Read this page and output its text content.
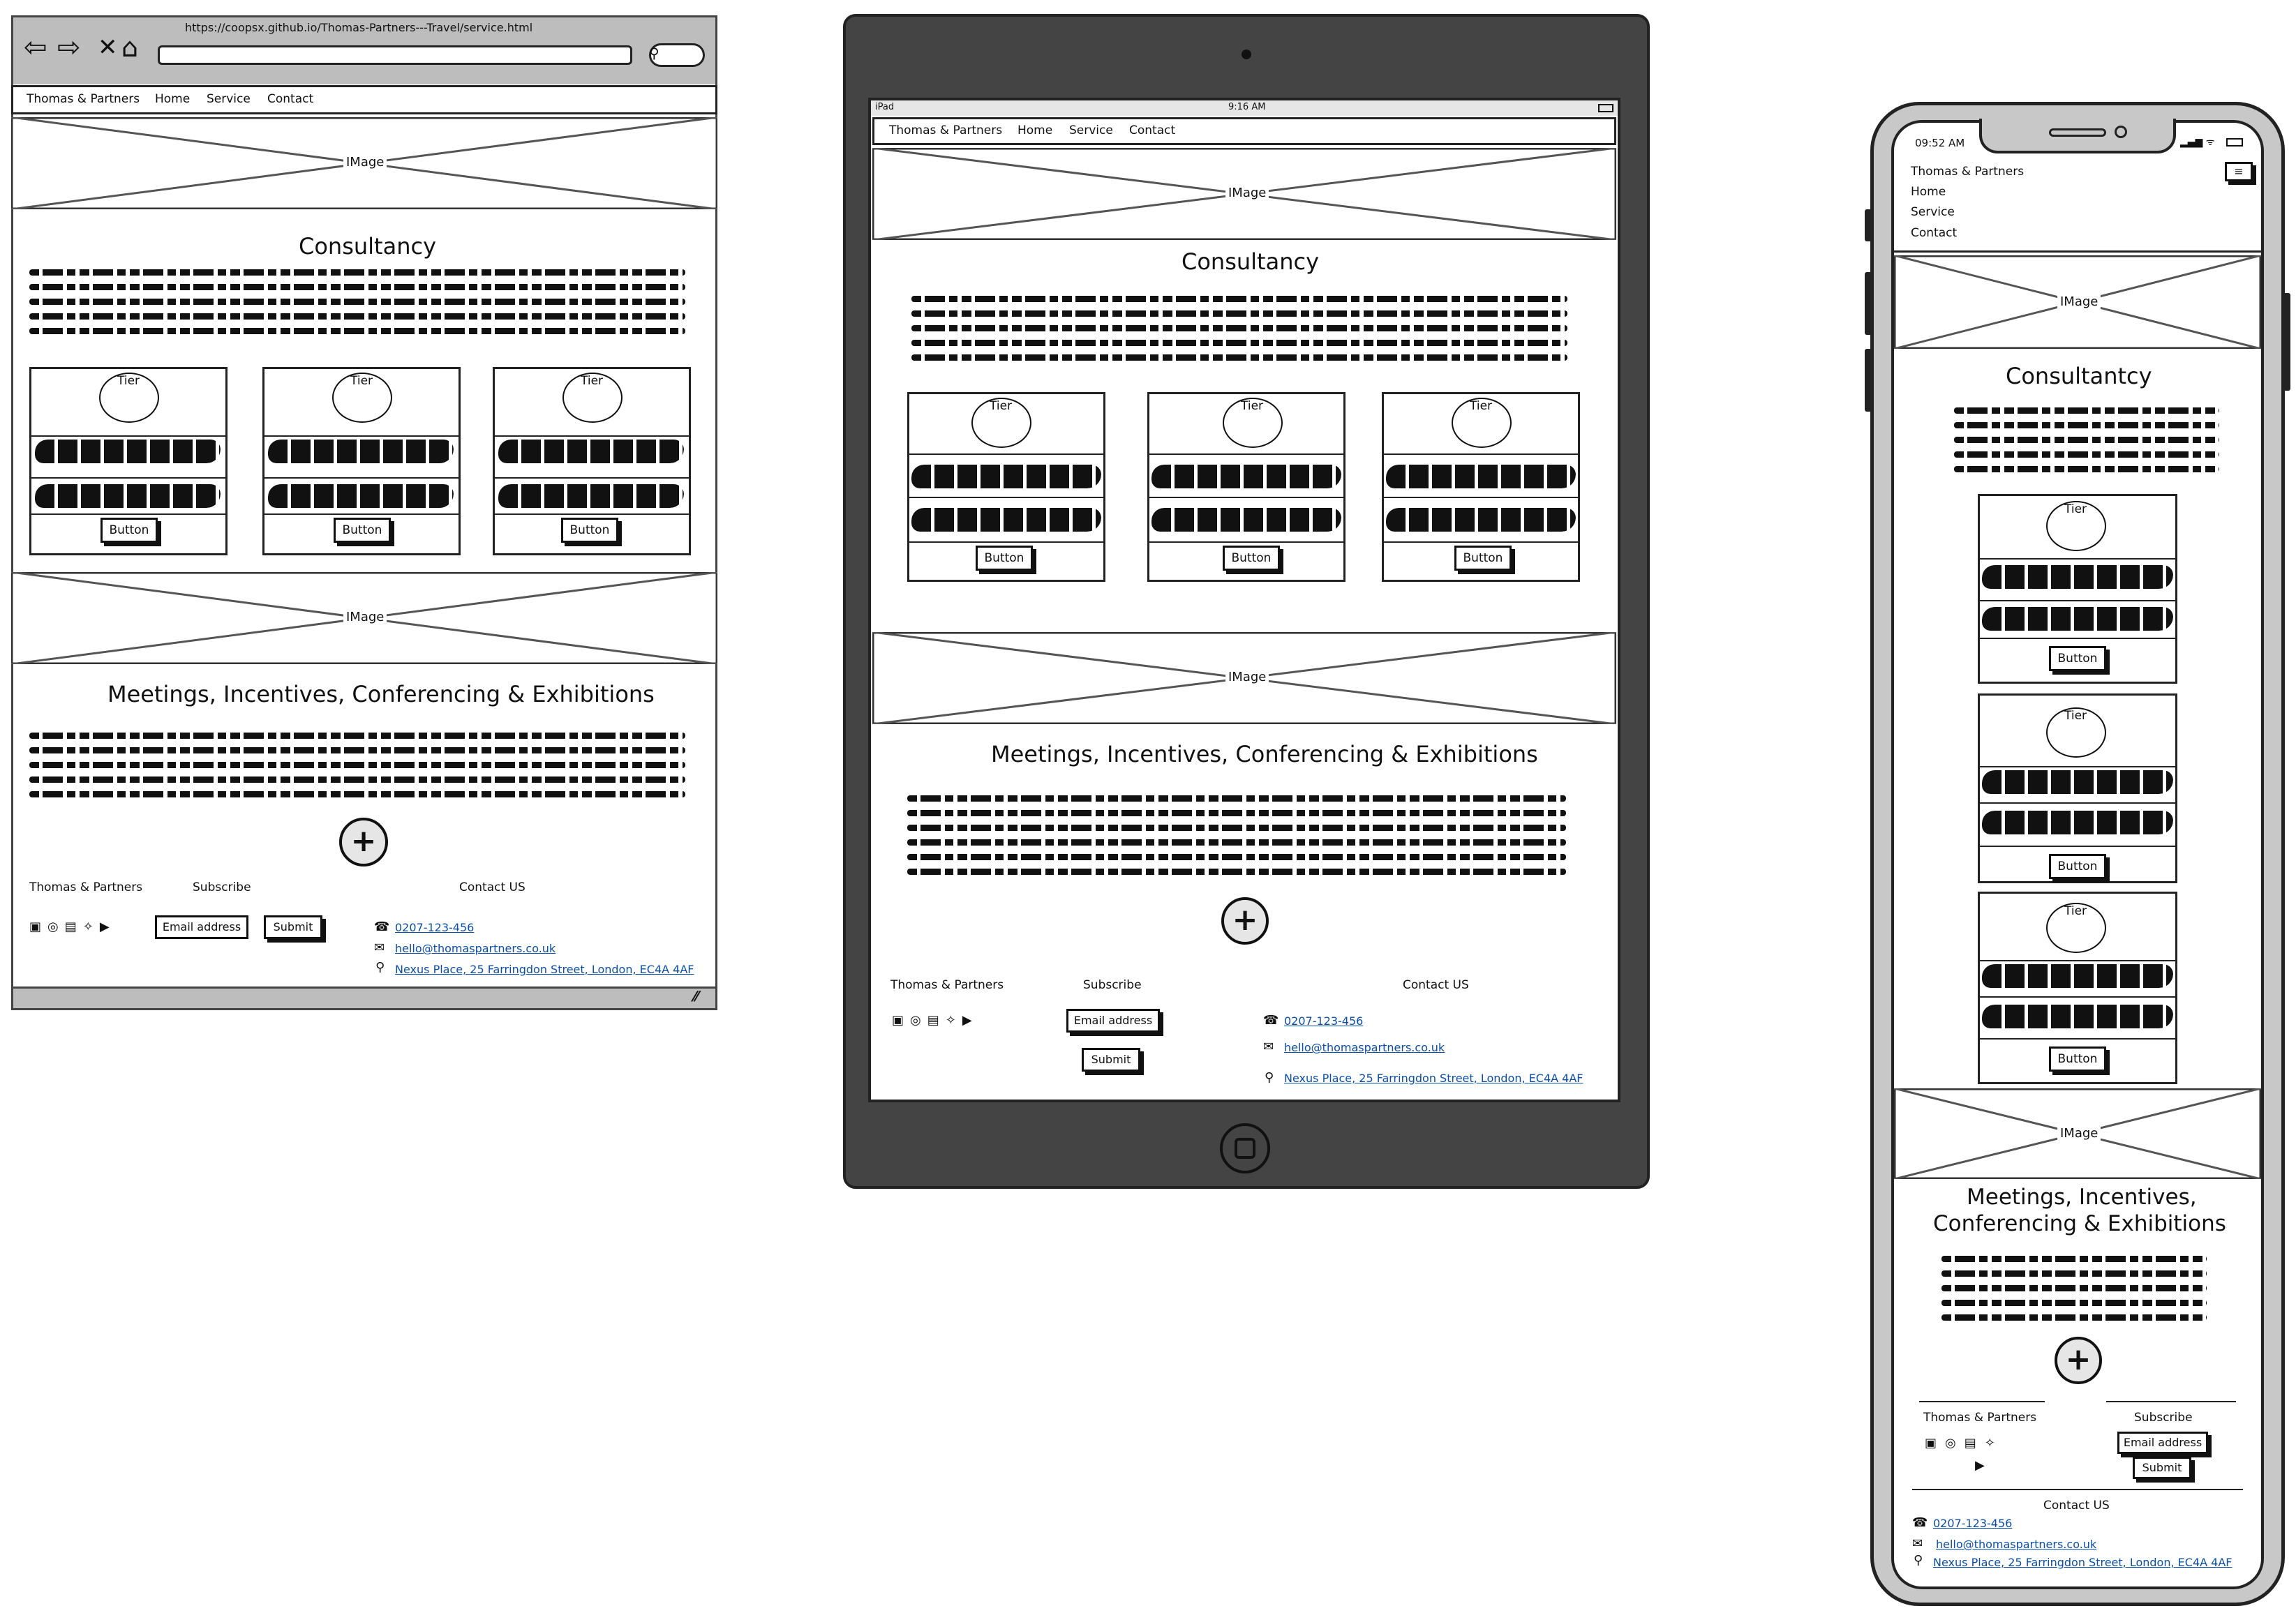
https://coopsx.github.io/Thomas-Partners---Travel/service.html
⇦ ⇨ ✕ ⌂	⚲
Thomas & Partners Home Service Contact
IMage
Consultancy
Tier
Button
Tier
Button
Tier
Button
IMage
Meetings, Incentives, Conferencing & Exhibitions
+
Thomas & Partners	Subscribe	Contact US
▣◎▤✧▶	Email address	Submit	☎ 0207-123-456
✉ hello@thomaspartners.co.uk
⚲ Nexus Place, 25 Farringdon Street, London, EC4A 4AF
⁄⁄
iPad	9:16 AM
Thomas & Partners Home Service Contact
IMage
Consultancy
Tier
Button
Tier
Button
Tier
Button
IMage
Meetings, Incentives, Conferencing & Exhibitions
+
Thomas & Partners	Subscribe	Contact US
▣◎▤✧▶	Email address
Submit
☎ 0207-123-456
✉ hello@thomaspartners.co.uk
⚲ Nexus Place, 25 Farringdon Street, London, EC4A 4AF
09:52 AM	▂▄▆ ᯤ
Thomas & Partners
Home
Service
Contact
≡
IMage
Consultantcy
Tier
Button
Tier
Button
Tier
Button
IMage
Meetings, Incentives,
Conferencing & Exhibitions
+
Thomas & Partners	Subscribe
▣◎▤✧
▶
Email address
Submit
Contact US
☎ 0207-123-456
✉ hello@thomaspartners.co.uk
⚲ Nexus Place, 25 Farringdon Street, London, EC4A 4AF
